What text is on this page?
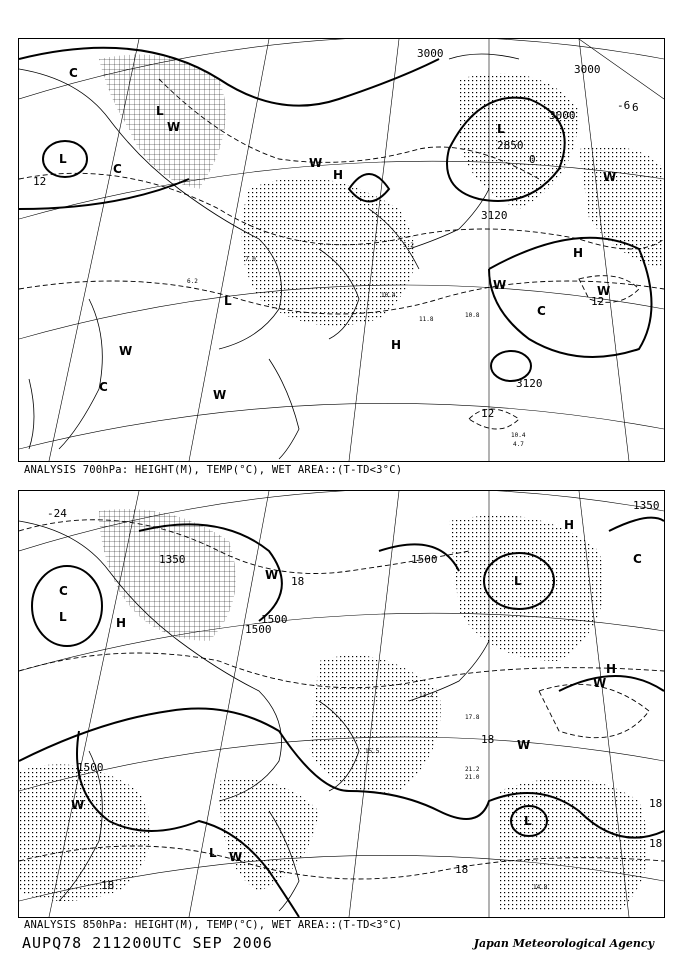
3000
3000
3000
2850
3120
3120
12
-6
0
12
12
6
L
L
L
L
H
H
H
C
C
C
C
W
W
W
W
W
W
W
6.2
10.4
11.8
7.0
5.2
10.8
10.4
4.7
ANALYSIS 700hPa: HEIGHT(M), TEMP(°C), WET AREA::(T-TD<3°C)
1500
1500
1500
1500
1350
1350
-24
18
18
18
18
18
18
L
L
L
L
H
H
H
C
C
W
W
W
W
W
21.2
21.0
13.2
17.8
15.5
14.8
ANALYSIS 850hPa: HEIGHT(M), TEMP(°C), WET AREA::(T-TD<3°C)
AUPQ78 211200UTC SEP 2006	Japan Meteorological Agency
